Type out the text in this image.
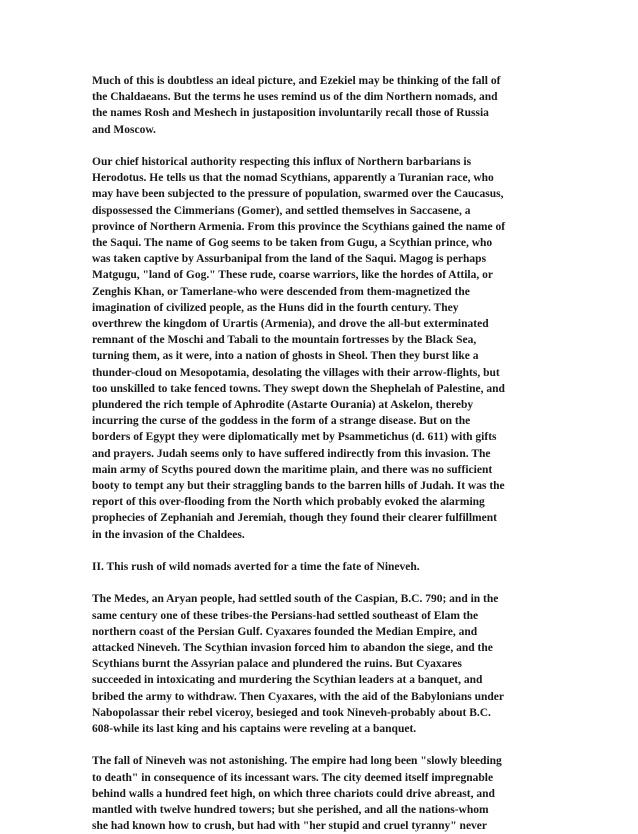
Much of this is doubtless an ideal picture, and Ezekiel may be thinking of the fall of
the Chaldaeans. But the terms he uses remind us of the dim Northern nomads, and
the names Rosh and Meshech in justaposition involuntarily recall those of Russia
and Moscow.

Our chief historical authority respecting this influx of Northern barbarians is
Herodotus. He tells us that the nomad Scythians, apparently a Turanian race, who
may have been subjected to the pressure of population, swarmed over the Caucasus,
dispossessed the Cimmerians (Gomer), and settled themselves in Saccasene, a
province of Northern Armenia. From this province the Scythians gained the name of
the Saqui. The name of Gog seems to be taken from Gugu, a Scythian prince, who
was taken captive by Assurbanipal from the land of the Saqui. Magog is perhaps
Matgugu, "land of Gog." These rude, coarse warriors, like the hordes of Attila, or
Zenghis Khan, or Tamerlane-who were descended from them-magnetized the
imagination of civilized people, as the Huns did in the fourth century. They
overthrew the kingdom of Urartis (Armenia), and drove the all-but exterminated
remnant of the Moschi and Tabali to the mountain fortresses by the Black Sea,
turning them, as it were, into a nation of ghosts in Sheol. Then they burst like a
thunder-cloud on Mesopotamia, desolating the villages with their arrow-flights, but
too unskilled to take fenced towns. They swept down the Shephelah of Palestine, and
plundered the rich temple of Aphrodite (Astarte Ourania) at Askelon, thereby
incurring the curse of the goddess in the form of a strange disease. But on the
borders of Egypt they were diplomatically met by Psammetichus (d. 611) with gifts
and prayers. Judah seems only to have suffered indirectly from this invasion. The
main army of Scyths poured down the maritime plain, and there was no sufficient
booty to tempt any but their straggling bands to the barren hills of Judah. It was the
report of this over-flooding from the North which probably evoked the alarming
prophecies of Zephaniah and Jeremiah, though they found their clearer fulfillment
in the invasion of the Chaldees.

II. This rush of wild nomads averted for a time the fate of Nineveh.

The Medes, an Aryan people, had settled south of the Caspian, B.C. 790; and in the
same century one of these tribes-the Persians-had settled southeast of Elam the
northern coast of the Persian Gulf. Cyaxares founded the Median Empire, and
attacked Nineveh. The Scythian invasion forced him to abandon the siege, and the
Scythians burnt the Assyrian palace and plundered the ruins. But Cyaxares
succeeded in intoxicating and murdering the Scythian leaders at a banquet, and
bribed the army to withdraw. Then Cyaxares, with the aid of the Babylonians under
Nabopolassar their rebel viceroy, besieged and took Nineveh-probably about B.C.
608-while its last king and his captains were reveling at a banquet.

The fall of Nineveh was not astonishing. The empire had long been "slowly bleeding
to death" in consequence of its incessant wars. The city deemed itself impregnable
behind walls a hundred feet high, on which three chariots could drive abreast, and
mantled with twelve hundred towers; but she perished, and all the nations-whom
she had known how to crush, but had with "her stupid and cruel tyranny" never
